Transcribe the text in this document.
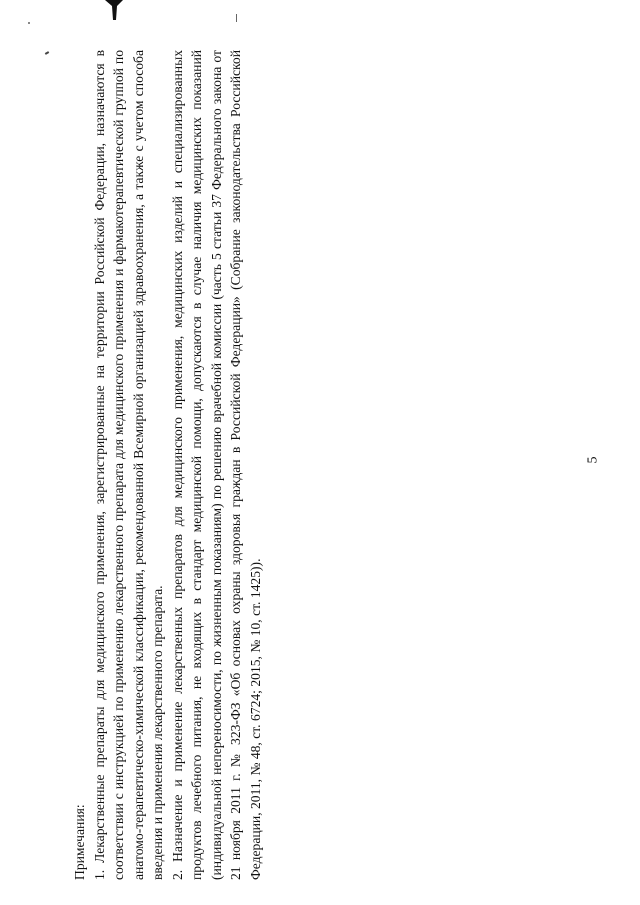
Примечания: 1. Лекарственные препараты для медицинского применения, зарегистрированные на территории Российской Федерации, назначаются в соответствии с инструкцией по применению лекарственного препарата для медицинского применения и фармакотерапевтической группой по анатомо-терапевтическо-химической классификации, рекомендованной Всемирной организацией здравоохранения, а также с учетом способа введения и применения лекарственного препарата. 2. Назначение и применение лекарственных препаратов для медицинского применения, медицинских изделий и специализированных продуктов лечебного питания, не входящих в стандарт медицинской помощи, допускаются в случае наличия медицинских показаний (индивидуальной непереносимости, по жизненным показаниям) по решению врачебной комиссии (часть 5 статьи 37 Федерального закона от 21 ноября 2011 г. № 323-ФЗ «Об основах охраны здоровья граждан в Российской Федерации» (Собрание законодательства Российской Федерации, 2011, № 48, ст. 6724; 2015, № 10, ст. 1425)).

5
